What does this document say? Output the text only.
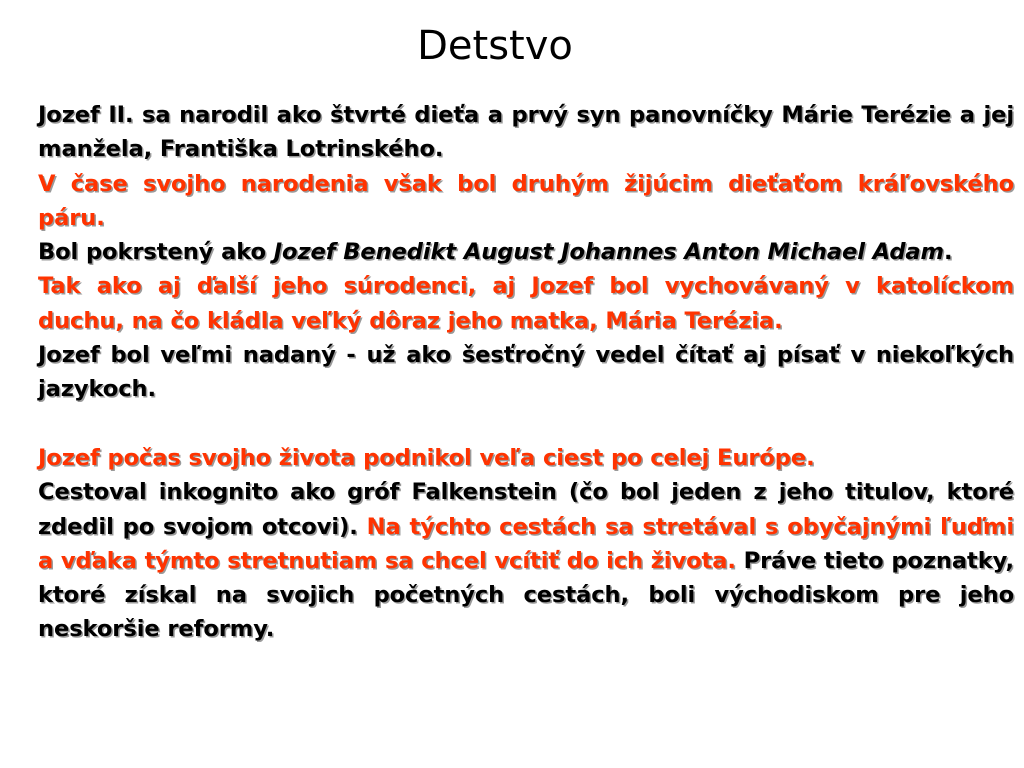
Detstvo

Jozef II. sa narodil ako štvrté dieťa a prvý syn panovníčky Márie Terézie a jej manžela, Františka Lotrinského.

V čase svojho narodenia však bol druhým žijúcim dieťaťom kráľovského páru.

Bol pokrstený ako Jozef Benedikt August Johannes Anton Michael Adam.

Tak ako aj ďalší jeho súrodenci, aj Jozef bol vychovávaný v katolíckom duchu, na čo kládla veľký dôraz jeho matka, Mária Terézia.

Jozef bol veľmi nadaný - už ako šesťročný vedel čítať aj písať v niekoľkých jazykoch.

Jozef počas svojho života podnikol veľa ciest po celej Európe.

Cestoval inkognito ako gróf Falkenstein (čo bol jeden z jeho titulov, ktoré zdedil po svojom otcovi). Na týchto cestách sa stretával s obyčajnými ľuďmi a vďaka týmto stretnutiam sa chcel vcítiť do ich života. Práve tieto poznatky, ktoré získal na svojich početných cestách, boli východiskom pre jeho neskoršie reformy.
